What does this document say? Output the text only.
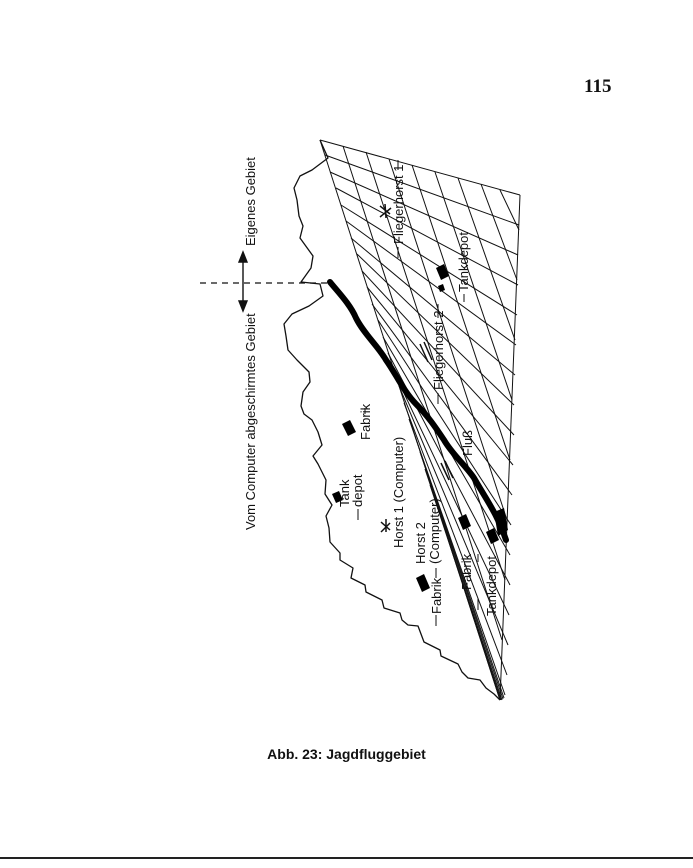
115
Vom Computer abgeschirmtes Gebiet
Eigenes Gebiet	Fliegerhorst 1
Tankdepot
Fliegerhorst 2
Fluß
Fabrik
Tank
depot Horst 1 (Computer) Horst 2 (Computer)
Fabrik
Fabrik Tankdepot
Abb. 23: Jagdfluggebiet
